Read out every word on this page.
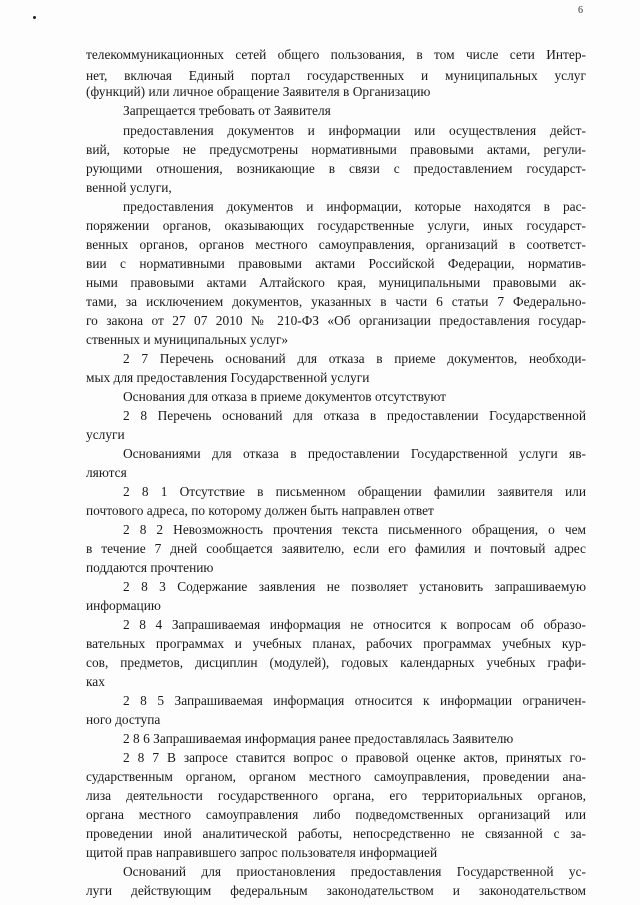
6
телекоммуникационных сетей общего пользования, в том числе сети Интер-
нет, включая Единый портал государственных и муниципальных услуг
(функций) или личное обращение Заявителя в Организацию
Запрещается требовать от Заявителя
предоставления документов и информации или осуществления дейст-
вий, которые не предусмотрены нормативными правовыми актами, регули-
рующими отношения, возникающие в связи с предоставлением государст-
венной услуги,
предоставления документов и информации, которые находятся в рас-
поряжении органов, оказывающих государственные услуги, иных государст-
венных органов, органов местного самоуправления, организаций в соответст-
вии с нормативными правовыми актами Российской Федерации, норматив-
ными правовыми актами Алтайского края, муниципальными правовыми ак-
тами, за исключением документов, указанных в части 6 статьи 7 Федерально-
го закона от 27 07 2010 № 210-ФЗ «Об организации предоставления госудаp-
ственных и муниципальных услуг»
2 7 Перечень оснований для отказа в приеме документов, необходи-
мых для предоставления Государственной услуги
Основания для отказа в приеме документов отсутствуют
2 8 Перечень оснований для отказа в предоставлении Государственной
услуги
Основаниями для отказа в предоставлении Государственной услуги яв-
ляются
2 8 1 Отсутствие в письменном обращении фамилии заявителя или
почтового адреса, по которому должен быть направлен ответ
2 8 2 Невозможность прочтения текста письменного обращения, о чем
в течение 7 дней сообщается заявителю, если его фамилия и почтовый адрес
поддаются прочтению
2 8 3 Содержание заявления не позволяет установить запрашиваемую
информацию
2 8 4 Запрашиваемая информация не относится к вопросам об образо-
вательных программах и учебных планах, рабочих программах учебных кур-
сов, предметов, дисциплин (модулей), годовых календарных учебных графи-
ках
2 8 5 Запрашиваемая информация относится к информации ограничен-
ного доступа
2 8 6 Запрашиваемая информация ранее предоставлялась Заявителю
2 8 7 В запросе ставится вопрос о правовой оценке актов, принятых го-
сударственным органом, органом местного самоуправления, проведении ана-
лиза деятельности государственного органа, его территориальных органов,
органа местного самоуправления либо подведомственных организаций или
проведении иной аналитической работы, непосредственно не связанной с за-
щитой прав направившего запрос пользователя информацией
Оснований для приостановления предоставления Государственной ус-
луги действующим федеральным законодательством и законодательством
